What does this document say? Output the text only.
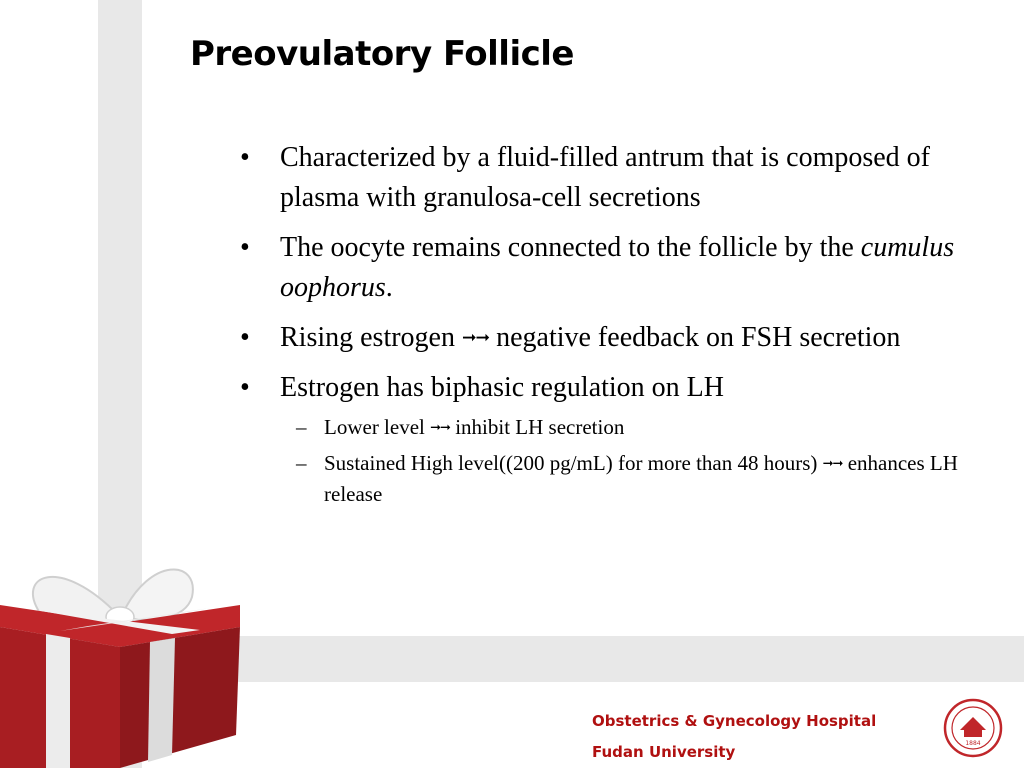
Preovulatory Follicle
• Characterized by a fluid-filled antrum that is composed of plasma with granulosa-cell secretions
• The oocyte remains connected to the follicle by the cumulus oophorus.
• Rising estrogen ➞➞ negative feedback on FSH secretion
• Estrogen has biphasic regulation on LH
– Lower level ➞➞ inhibit LH secretion
– Sustained High level((200 pg/mL) for more than 48 hours) ➞➞ enhances LH release
Obstetrics & Gynecology Hospital
Fudan University	1884
